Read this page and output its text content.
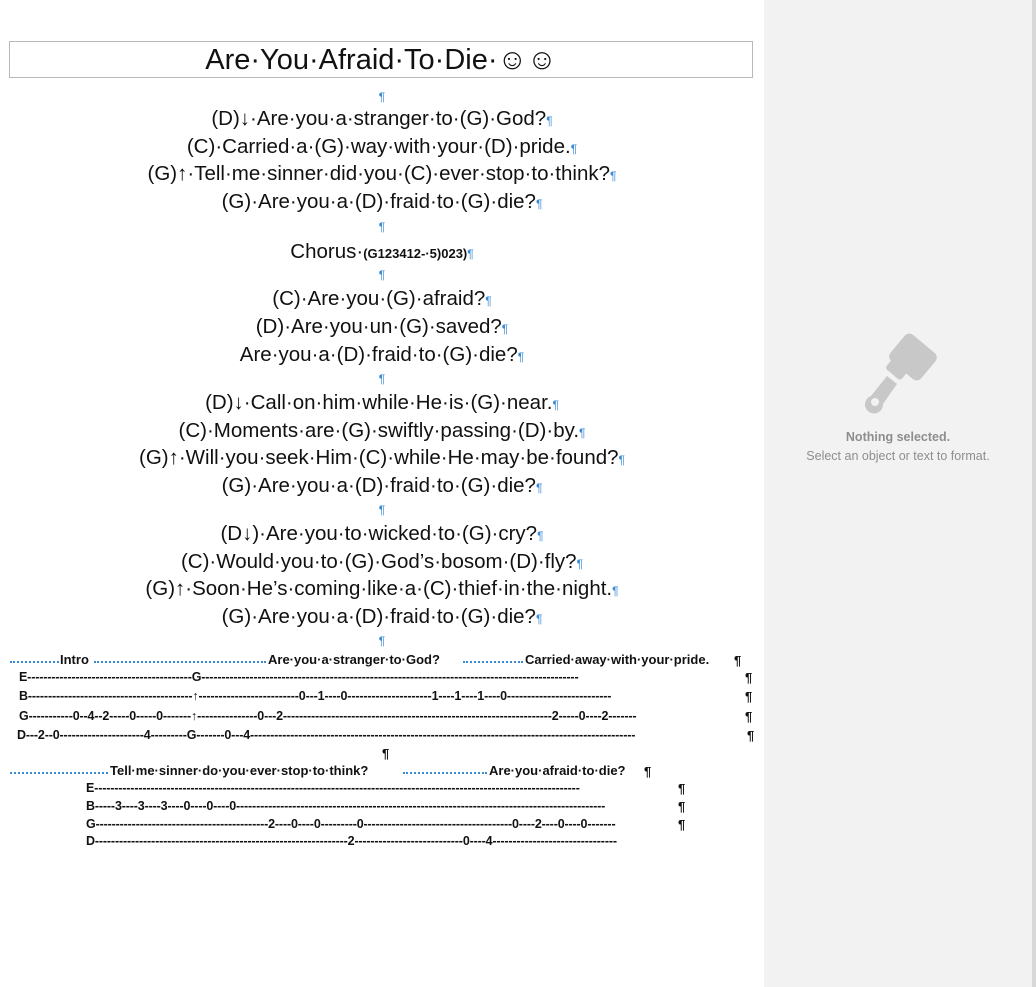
Are·You·Afraid·To·Die·☺☺
¶
(D)↓·Are·you·a·stranger·to·(G)·God?¶
(C)·Carried·a·(G)·way·with·your·(D)·pride.¶
(G)↑·Tell·me·sinner·did·you·(C)·ever·stop·to·think?¶
(G)·Are·you·a·(D)·fraid·to·(G)·die?¶
¶
Chorus·(G123412-·5)023)¶
¶
(C)·Are·you·(G)·afraid?¶
(D)·Are·you·un·(G)·saved?¶
Are·you·a·(D)·fraid·to·(G)·die?¶
¶
(D)↓·Call·on·him·while·He·is·(G)·near.¶
(C)·Moments·are·(G)·swiftly·passing·(D)·by.¶
(G)↑·Will·you·seek·Him·(C)·while·He·may·be·found?¶
(G)·Are·you·a·(D)·fraid·to·(G)·die?¶
¶
(D↓)·Are·you·to·wicked·to·(G)·cry?¶
(C)·Would·you·to·(G)·God’s·bosom·(D)·fly?¶
(G)↑·Soon·He’s·coming·like·a·(C)·thief·in·the·night.¶
(G)·Are·you·a·(D)·fraid·to·(G)·die?¶
¶
Intro	Are·you·a·stranger·to·God?	Carried·away·with·your·pride. ¶
E-----------------------------------------G----------------------------------------------------------------------------------------------	¶
B-----------------------------------------↑-------------------------0---1----0---------------------1----1----1----0--------------------------	¶
G-----------0--4--2-----0-----0-------↑---------------0---2-------------------------------------------------------------------2-----0----2-------	¶
D---2--0---------------------4---------G-------0---4------------------------------------------------------------------------------------------------	¶
¶
Tell·me·sinner·do·you·ever·stop·to·think?	Are·you·afraid·to·die? ¶
E-------------------------------------------------------------------------------------------------------------------------	¶
B-----3----3----3----0----0----0--------------------------------------------------------------------------------------------	¶
G-------------------------------------------2----0----0---------0-------------------------------------0----2----0----0-------	¶
D---------------------------------------------------------------2---------------------------0----4-------------------------------
Nothing selected.
Select an object or text to format.
